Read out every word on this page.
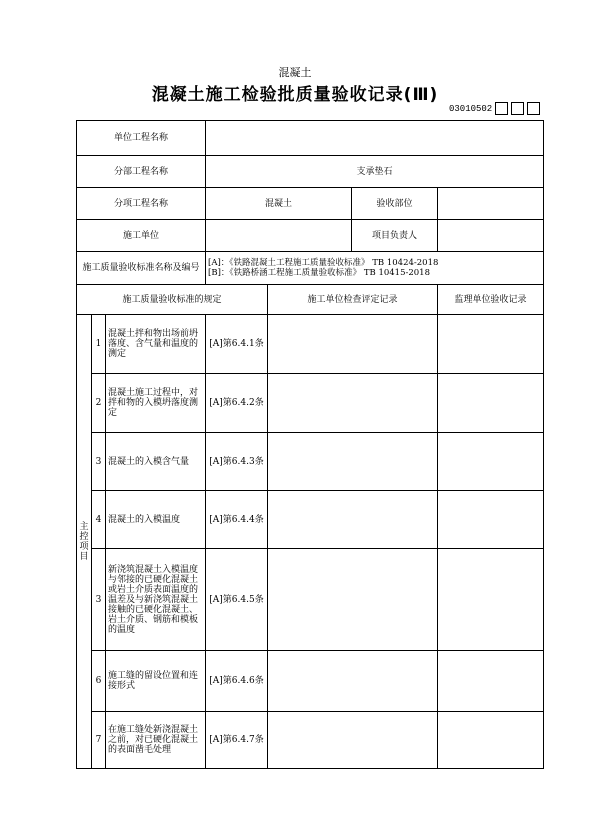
混凝土
混凝土施工检验批质量验收记录(Ⅲ)
03010502
单位工程名称						
分部工程名称			支承垫石			
分项工程名称			混凝土		验收部位	
施工单位					项目负责人	
施工质量验收标准名称及编号			[A]：《铁路混凝土工程施工质量验收标准》 TB 10424-2018
[B]：《铁路桥涵工程施工质量验收标准》 TB 10415-2018			

施工质量验收标准的规定				施工单位检查评定记录		监理单位验收记录
主控项目	1	混凝土拌和物出场前坍落度、含气量和温度的测定	[A]第6.4.1条			
	2	混凝土施工过程中，对拌和物的入模坍落度测定	[A]第6.4.2条			
	3	混凝土的入模含气量	[A]第6.4.3条			
	4	混凝土的入模温度	[A]第6.4.4条			
	3	新浇筑混凝土入模温度与邻接的已硬化混凝土或岩土介质表面温度的温差及与新浇筑混凝土接触的已硬化混凝土、岩土介质、钢筋和模板的温度	[A]第6.4.5条			
	6	施工缝的留设位置和连接形式	[A]第6.4.6条			
	7	在施工缝处新浇混凝土之前，对已硬化混凝土的表面凿毛处理	[A]第6.4.7条			
